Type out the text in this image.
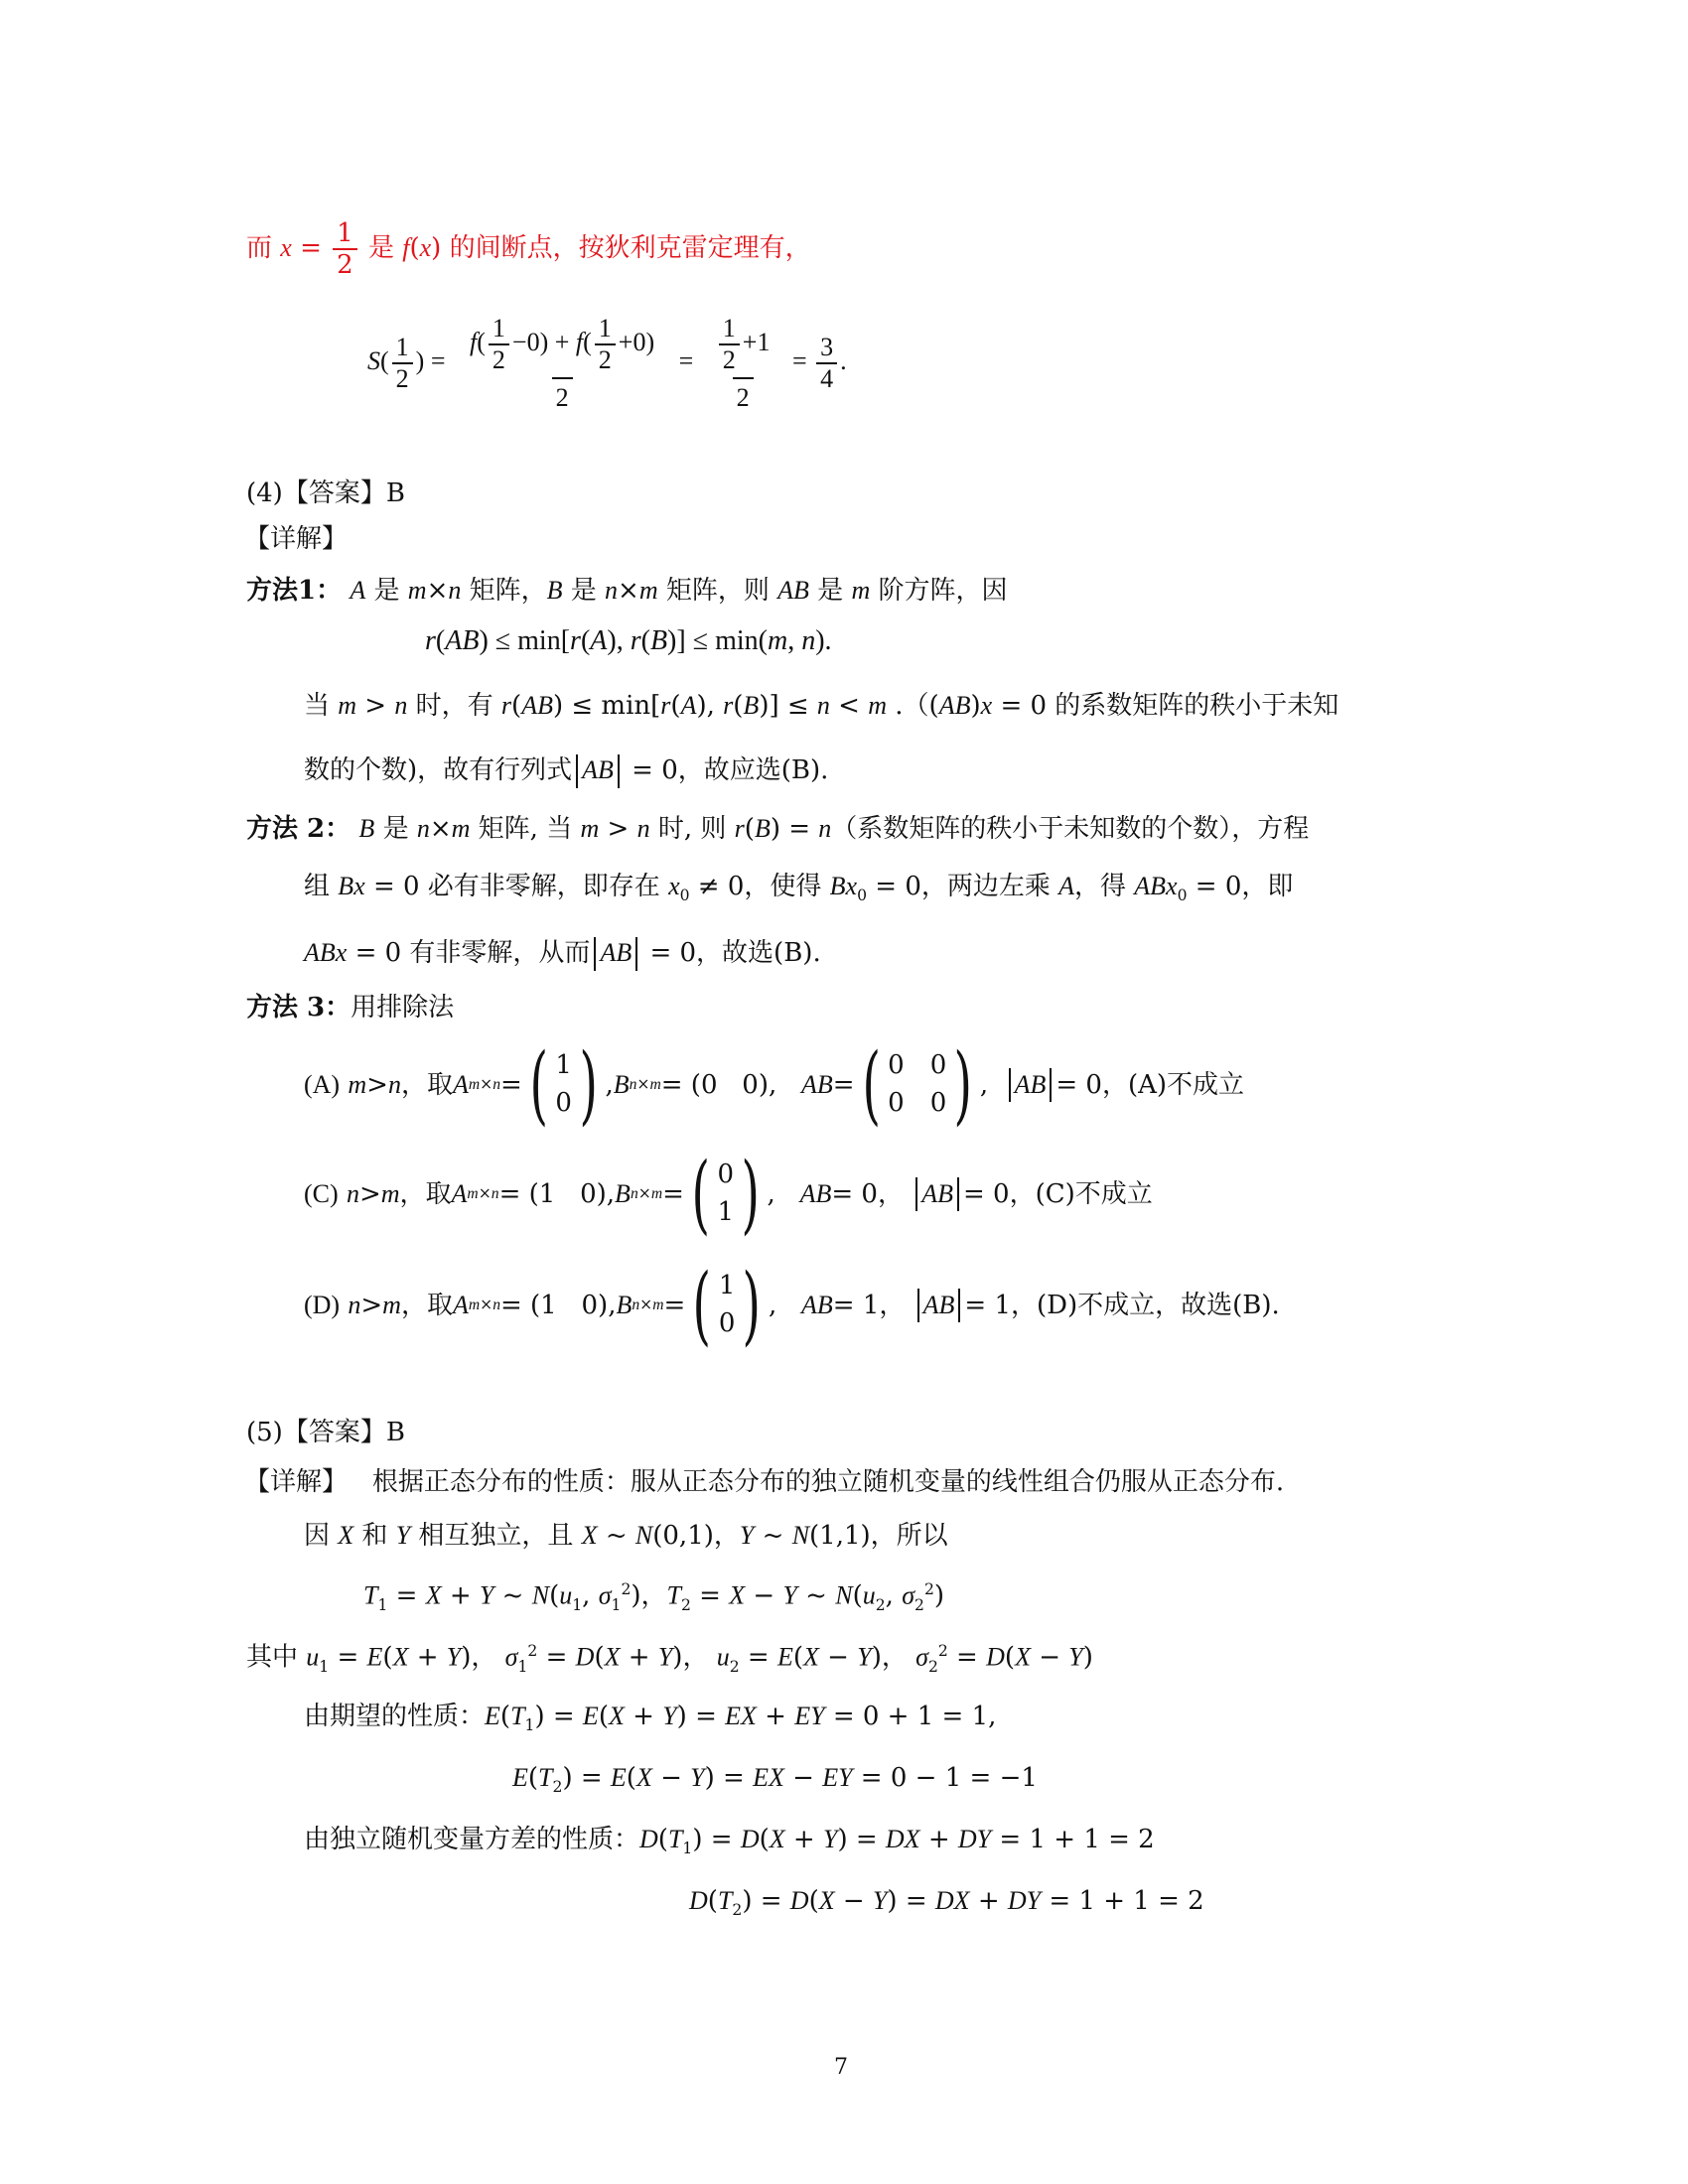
而 $x = \frac{1}{2}$ 是 f(x) 的间断点，按狄利克雷定理有，
$S( \frac{1}{2}$ ) = $\frac{f( \frac{1}{2} -0) + f( \frac{1}{2} +0)}{2} = \frac{\frac{1}{2} +1}{2} = \frac{3}{4}$ .
(4)【答案】B
【详解】
方法1： A 是 m×n 矩阵，B 是 n×m 矩阵，则 AB 是 m 阶方阵，因
r(AB) ≤ min[r(A), r(B)] ≤ min(m, n).
当 m > n 时，有 r(AB) ≤ min[r(A), r(B)] ≤ n < m .（(AB)x = 0 的系数矩阵的秩小于未知
数的个数)，故有行列式 AB = 0，故应选(B).
方法 2： B 是 n×m 矩阵, 当 m > n 时, 则 r(B) = n（系数矩阵的秩小于未知数的个数），方程
组 Bx = 0 必有非零解，即存在 $x_0 \ne 0$，使得 $Bx_0 = 0$，两边左乘 A，得 ABx$_0$ = 0，即
ABx = 0 有非零解，从而 AB = 0，故选(B).
方法 3：用排除法
(A)
m > n ，取 A m×n = ( 1
0 ) , B n×m = (0   0), AB = ( 0 0
0 0 ) , AB = 0， (A)不成立
(C)
n > m ，取 A m×n = (1   0), B n×m = ( 0
1 ) , AB = 0， AB = 0， (C)不成立
(D)
n > m ，取 A m×n = (1   0), B n×m = ( 1
0 ) , AB = 1， AB = 1， (D)不成立，故选(B).
(5)【答案】B
【详解】 根据正态分布的性质：服从正态分布的独立随机变量的线性组合仍服从正态分布.
因 X 和 Y 相互独立，且 X ~ N(0,1)，Y ~ N(1,1)，所以
$T_1 = X + Y$ ~ $N(u_1$, $\sigma_1^2$)，$T_2 = X - Y$ ~ $N(u_2$, $\sigma_2^2$)
其中 $u_1 = E(X + Y)$， $\sigma_1^2 = D(X + Y)$， $u_2 = E(X - Y)$， $\sigma_2^2 = D(X - Y)$
由期望的性质：$E(T_1) = E(X + Y)$ = EX + EY = 0 + 1 = 1,
$E(T_2) = E(X - Y)$ = EX − EY = 0 − 1 = −1
由独立随机变量方差的性质：$D(T_1) = D(X + Y)$ = DX + DY = 1 + 1 = 2
$D(T_2) = D(X - Y)$ = DX + DY = 1 + 1 = 2
7
